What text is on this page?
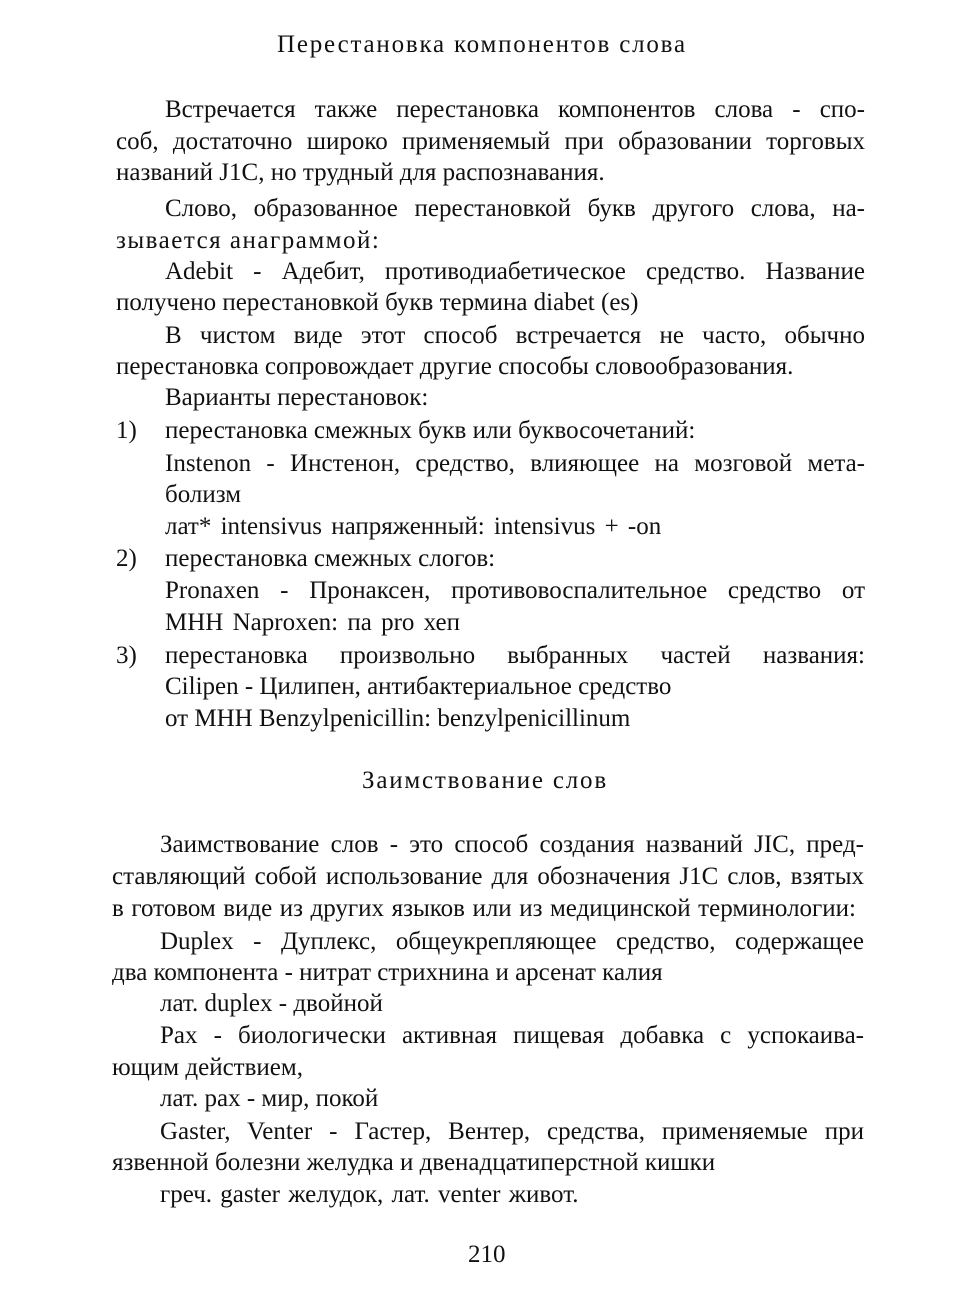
Перестановка компонентов слова
Встречается также перестановка компонентов слова - спо-
соб, достаточно широко применяемый при образовании торговых
названий J1C, но трудный для распознавания.
Слово, образованное перестановкой букв другого слова, на-
зывается анаграммой:
Adebit - Адебит, противодиабетическое средство. Название
получено перестановкой букв термина diabet (es)
В чистом виде этот способ встречается не часто, обычно
перестановка сопровождает другие способы словообразования.
Варианты перестановок:
1) перестановка смежных букв или буквосочетаний:
Instenon - Инстенон, средство, влияющее на мозговой мета-
болизм
лат* intensivus напряженный: intensivus + -on
2) перестановка смежных слогов:
Pronaxen - Пронаксен, противовоспалительное средство от
МНН Naproxen: па pro хеп
3) перестановка произвольно выбранных частей названия:
Cilipen - Цилипен, антибактериальное средство
от МНН Benzylpenicillin: benzylpenicillinum
Заимствование слов
Заимствование слов - это способ создания названий JIC, пред-
ставляющий собой использование для обозначения J1C слов, взятых
в готовом виде из других языков или из медицинской терминологии:
Duplex - Дуплекс, общеукрепляющее средство, содержащее
два компонента - нитрат стрихнина и арсенат калия
лат. duplex - двойной
Pax - биологически активная пищевая добавка с успокаива-
ющим действием,
лат. pax - мир, покой
Gaster, Venter - Гастер, Вентер, средства, применяемые при
язвенной болезни желудка и двенадцатиперстной кишки
греч. gaster желудок, лат. venter живот.
210
